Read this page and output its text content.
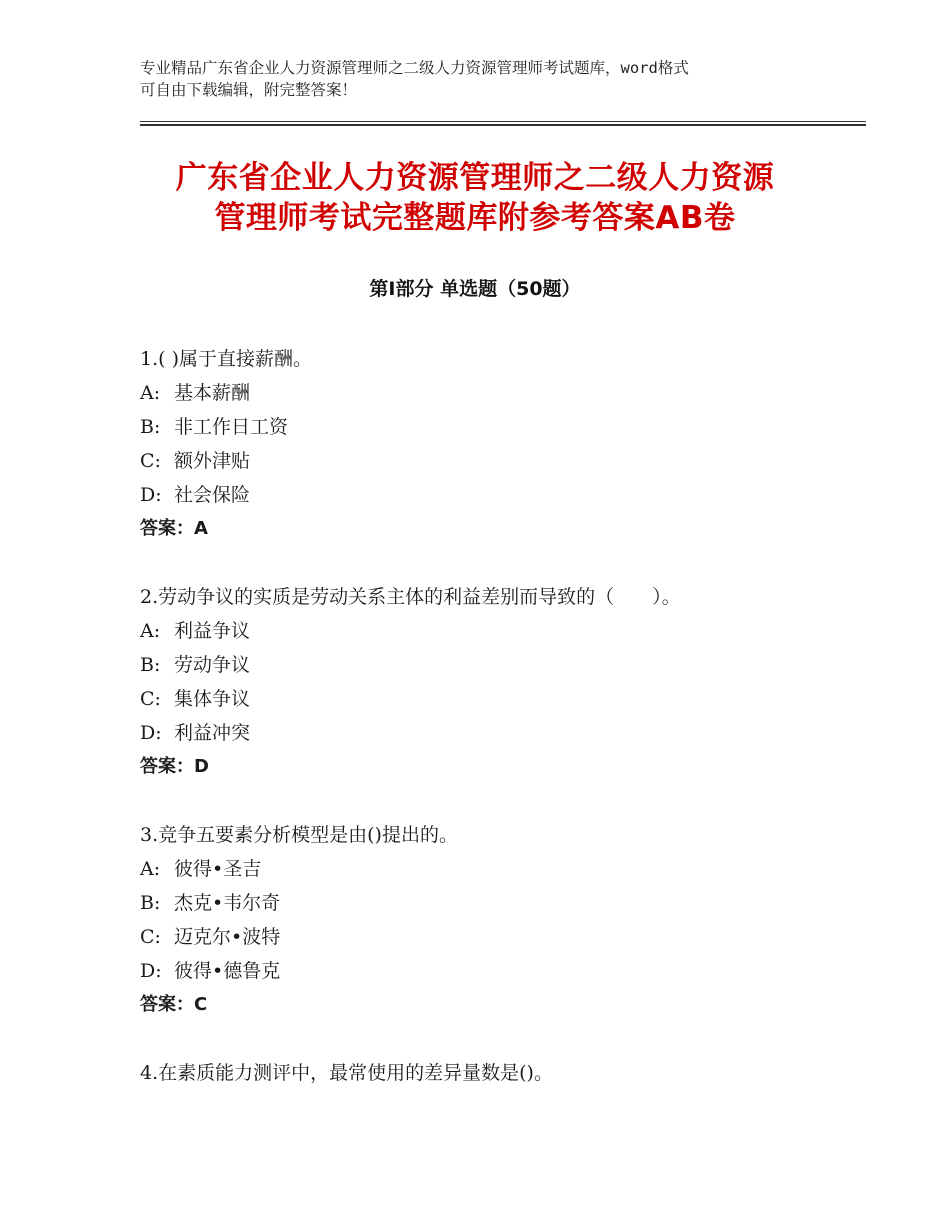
专业精品广东省企业人力资源管理师之二级人力资源管理师考试题库，word格式
可自由下载编辑，附完整答案！
广东省企业人力资源管理师之二级人力资源
管理师考试完整题库附参考答案AB卷
第Ⅰ部分 单选题（50题）
1.( )属于直接薪酬。
A: 基本薪酬
B: 非工作日工资
C: 额外津贴
D: 社会保险
答案：A
2.劳动争议的实质是劳动关系主体的利益差别而导致的（　　）。
A: 利益争议
B: 劳动争议
C: 集体争议
D: 利益冲突
答案：D
3.竞争五要素分析模型是由()提出的。
A: 彼得•圣吉
B: 杰克•韦尔奇
C: 迈克尔•波特
D: 彼得•德鲁克
答案：C
4.在素质能力测评中，最常使用的差异量数是()。
